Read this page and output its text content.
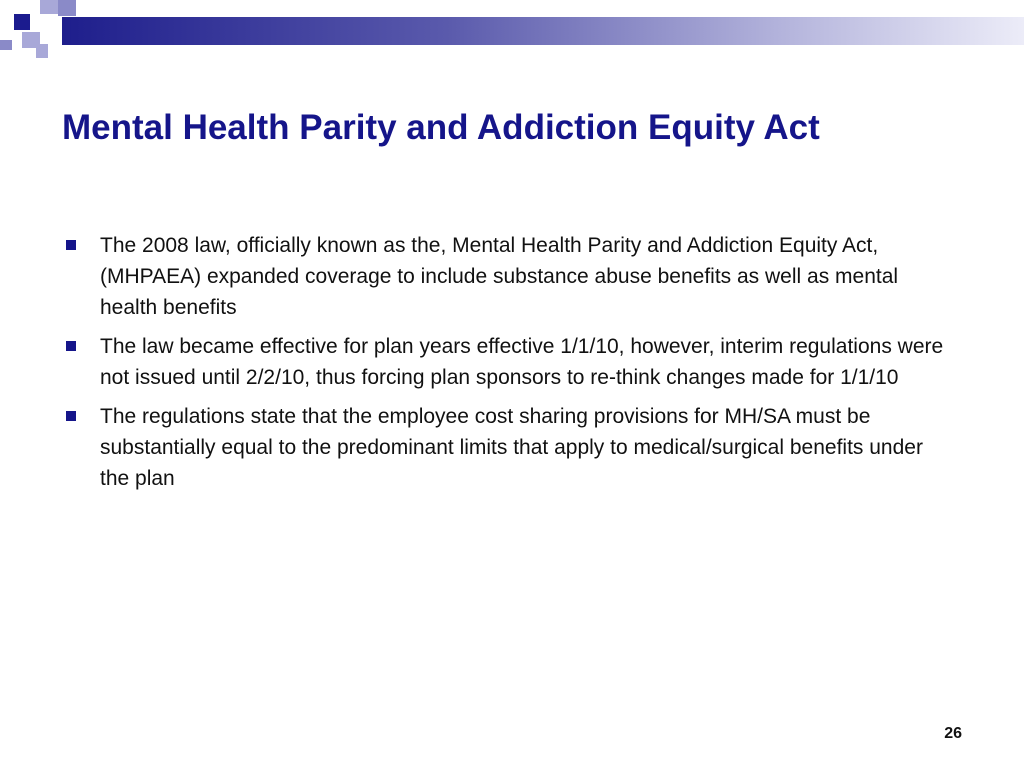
Mental Health Parity and Addiction Equity Act
The 2008 law, officially known as the, Mental Health Parity and Addiction Equity Act, (MHPAEA) expanded coverage to include substance abuse benefits as well as mental health benefits
The law became effective for plan years effective 1/1/10, however, interim regulations were not issued until 2/2/10, thus forcing plan sponsors to re-think changes made for 1/1/10
The regulations state that the employee cost sharing provisions for MH/SA must be substantially equal to the predominant limits that apply to medical/surgical benefits under the plan
26
